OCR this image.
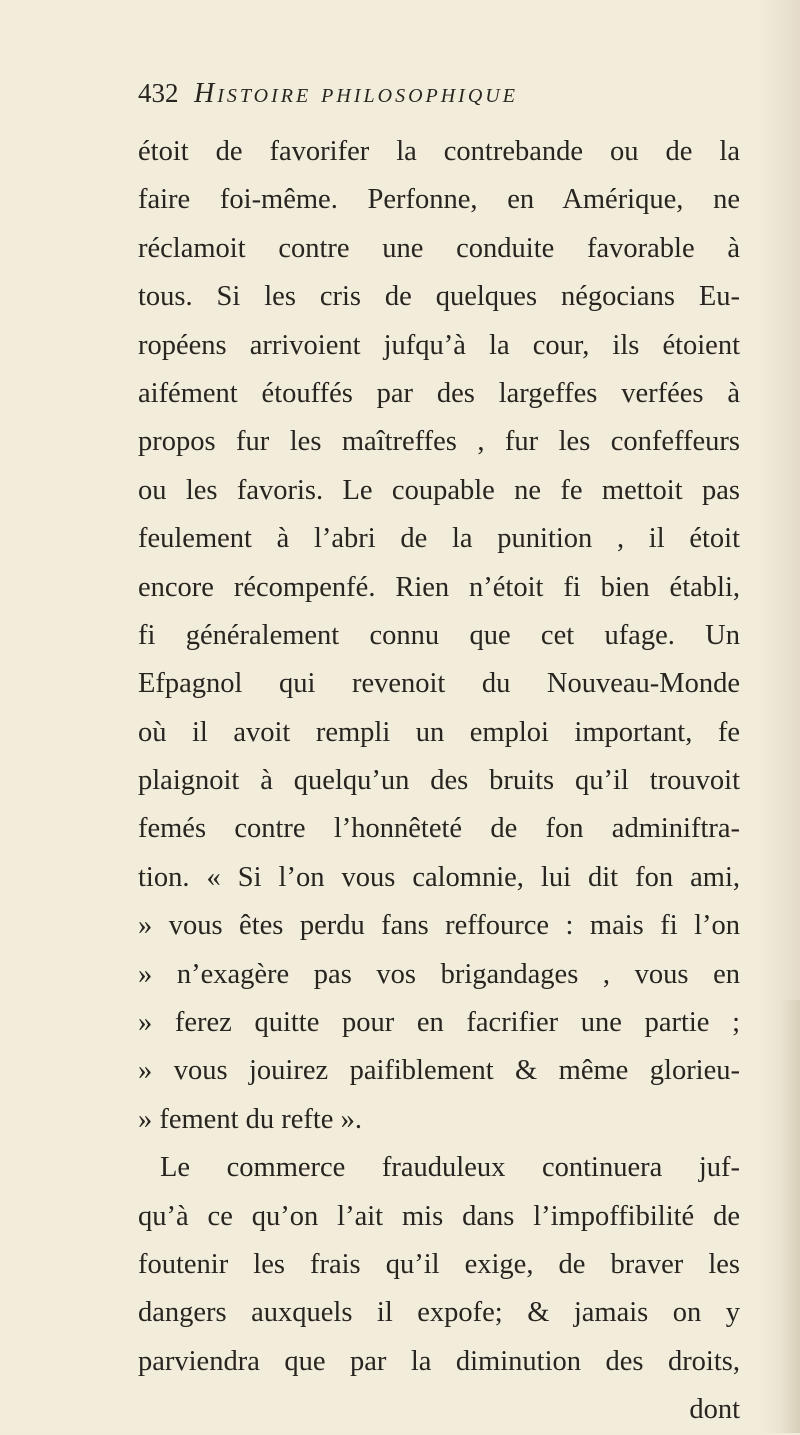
432 Histoire philosophique
étoit de favorifer la contrebande ou de la
faire foi-même. Perfonne, en Amérique, ne
réclamoit contre une conduite favorable à
tous. Si les cris de quelques négocians Eu-
ropéens arrivoient jufqu’à la cour, ils étoient
aifément étouffés par des largeffes verfées à
propos fur les maîtreffes , fur les confeffeurs
ou les favoris. Le coupable ne fe mettoit pas
feulement à l’abri de la punition , il étoit
encore récompenfé. Rien n’étoit fi bien établi,
fi généralement connu que cet ufage. Un
Efpagnol qui revenoit du Nouveau-Monde
où il avoit rempli un emploi important, fe
plaignoit à quelqu’un des bruits qu’il trouvoit
femés contre l’honnêteté de fon adminiftra-
tion. « Si l’on vous calomnie, lui dit fon ami,
» vous êtes perdu fans reffource : mais fi l’on
» n’exagère pas vos brigandages , vous en
» ferez quitte pour en facrifier une partie ;
» vous jouirez paifiblement & même glorieu-
» fement du refte ».
Le commerce frauduleux continuera juf-
qu’à ce qu’on l’ait mis dans l’impoffibilité de
foutenir les frais qu’il exige, de braver les
dangers auxquels il expofe; & jamais on y
parviendra que par la diminution des droits,
dont
